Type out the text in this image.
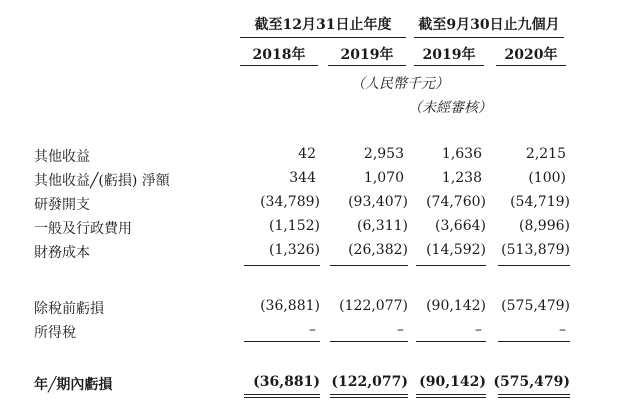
截至12月31日止年度	截至9月30日止九個月
2018年	2019年	2019年	2020年
（人民幣千元）
（未經審核）
其他收益	42	2,953	1,636	2,215
其他收益╱(虧損) 淨額	344	1,070	1,238	(100)
研發開支	(34,789)	(93,407)	(74,760)	(54,719)
一般及行政費用	(1,152)	(6,311)	(3,664)	(8,996)
財務成本	(1,326)	(26,382)	(14,592)	(513,879)
除稅前虧損	(36,881)	(122,077)	(90,142)	(575,479)
所得稅	–	–	–	–
年╱期內虧損	(36,881) (122,077) (90,142) (575,479)
